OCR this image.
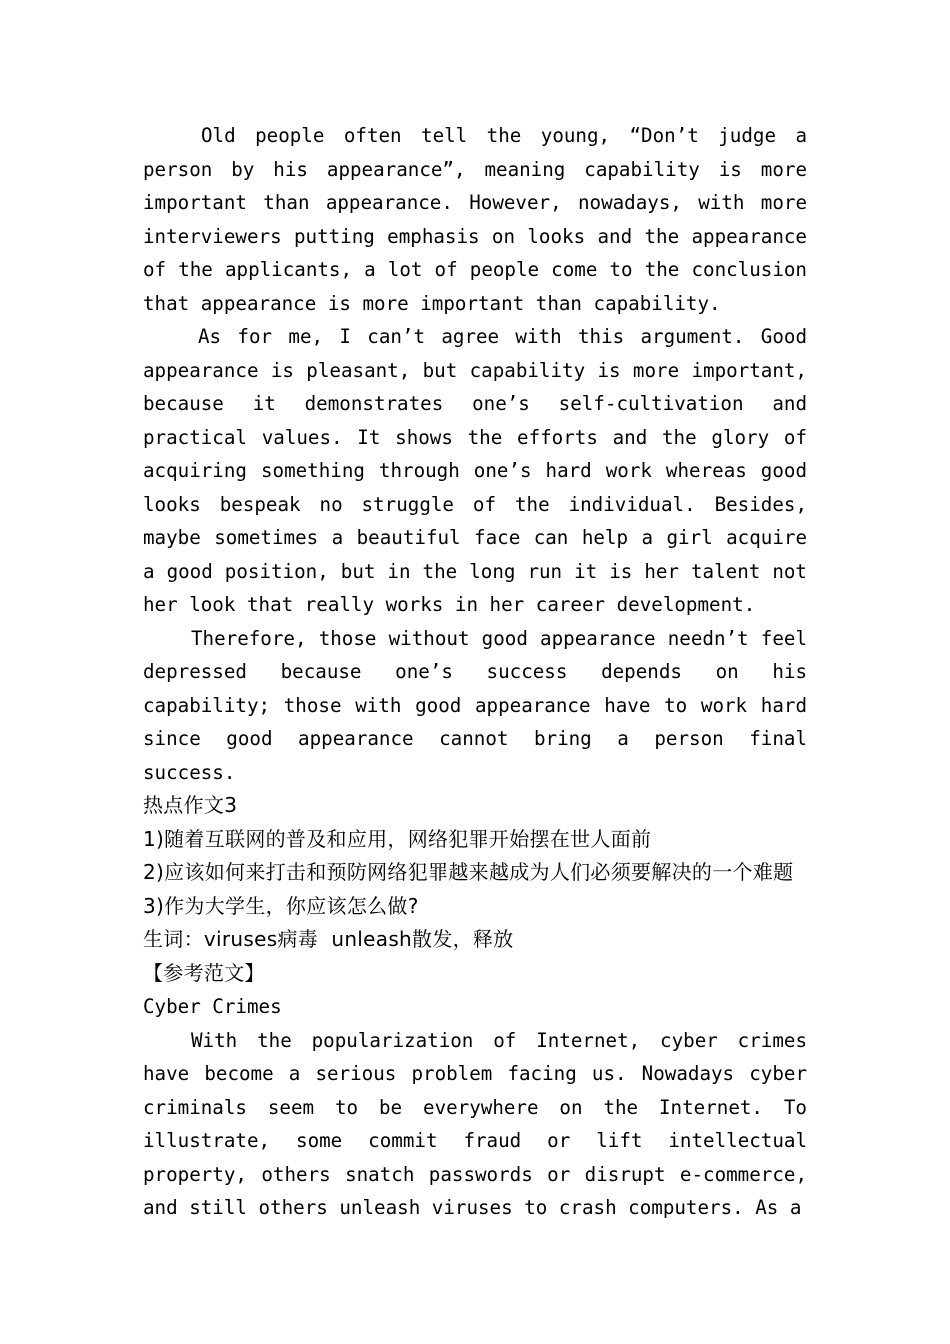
Old people often tell the young, “Don’t judge a person by his appearance”, meaning capability is more important than appearance. However, nowadays, with more interviewers putting emphasis on looks and the appearance of the applicants, a lot of people come to the conclusion that appearance is more important than capability.

As for me, I can’t agree with this argument. Good appearance is pleasant, but capability is more important, because it demonstrates one’s self-cultivation and practical values. It shows the efforts and the glory of acquiring something through one’s hard work whereas good looks bespeak no struggle of the individual. Besides, maybe sometimes a beautiful face can help a girl acquire a good position, but in the long run it is her talent not her look that really works in her career development.

Therefore, those without good appearance needn’t feel depressed because one’s success depends on his capability; those with good appearance have to work hard since good appearance cannot bring a person final success.

热点作文3

1)随着互联网的普及和应用，网络犯罪开始摆在世人面前

2)应该如何来打击和预防网络犯罪越来越成为人们必须要解决的一个难题

3)作为大学生，你应该怎么做?

生词：viruses病毒  unleash散发，释放

【参考范文】

Cyber Crimes

With the popularization of Internet, cyber crimes have become a serious problem facing us. Nowadays cyber criminals seem to be everywhere on the Internet. To illustrate, some commit fraud or lift intellectual property, others snatch passwords or disrupt e-commerce, and still others unleash viruses to crash computers. As a
